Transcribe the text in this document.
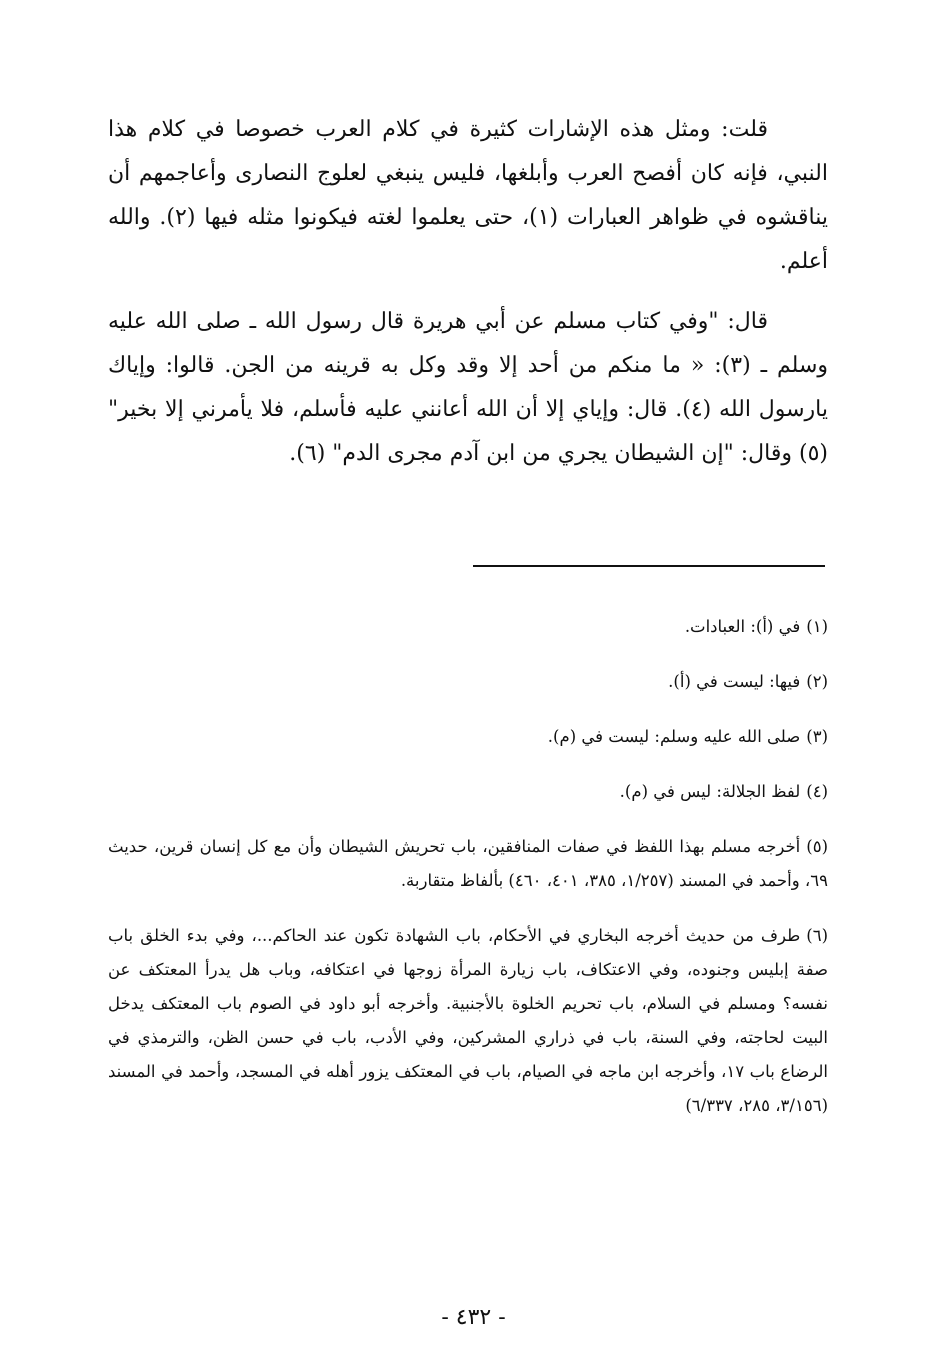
قلت: ومثل هذه الإشارات كثيرة في كلام العرب خصوصا في كلام هذا النبي، فإنه كان أفصح العرب وأبلغها، فليس ينبغي لعلوج النصارى وأعاجمهم أن يناقشوه في ظواهر العبارات (١)، حتى يعلموا لغته فيكونوا مثله فيها (٢). والله أعلم.

قال: "وفي كتاب مسلم عن أبي هريرة قال رسول الله ـ صلى الله عليه وسلم ـ (٣): « ما منكم من أحد إلا وقد وكل به قرينه من الجن. قالوا: وإياك يارسول الله (٤). قال: وإياي إلا أن الله أعانني عليه فأسلم، فلا يأمرني إلا بخير" (٥) وقال: "إن الشيطان يجري من ابن آدم مجرى الدم" (٦).

(١)في (أ): العبادات.
(٢)فيها: ليست في (أ).
(٣)صلى الله عليه وسلم: ليست في (م).
(٤)لفظ الجلالة: ليس في (م).
(٥)أخرجه مسلم بهذا اللفظ في صفات المنافقين، باب تحريش الشيطان وأن مع كل إنسان قرين، حديث ٦٩، وأحمد في المسند (١/٢٥٧، ٣٨٥، ٤٠١، ٤٦٠) بألفاظ متقاربة.
(٦)طرف من حديث أخرجه البخاري في الأحكام، باب الشهادة تكون عند الحاكم...، وفي بدء الخلق باب صفة إبليس وجنوده، وفي الاعتكاف، باب زيارة المرأة زوجها في اعتكافه، وباب هل يدرأ المعتكف عن نفسه؟ ومسلم في السلام، باب تحريم الخلوة بالأجنبية. وأخرجه أبو داود في الصوم باب المعتكف يدخل البيت لحاجته، وفي السنة، باب في ذراري المشركين، وفي الأدب، باب في حسن الظن، والترمذي في الرضاع باب ١٧، وأخرجه ابن ماجه في الصيام، باب في المعتكف يزور أهله في المسجد، وأحمد في المسند (٣/١٥٦، ٢٨٥، ٦/٣٣٧)
- ٤٣٢ -
